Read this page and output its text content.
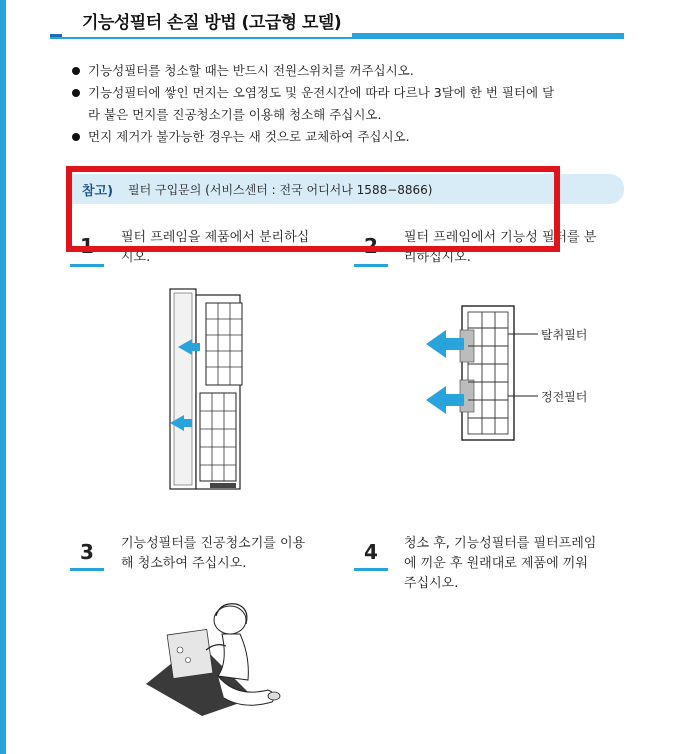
기능성필터 손질 방법 (고급형 모델)
기능성필터를 청소할 때는 반드시 전원스위치를 꺼주십시오.
기능성필터에 쌓인 먼지는 오염정도 및 운전시간에 따라 다르나 3달에 한 번 필터에 달
라 붙은 먼지를 진공청소기를 이용해 청소해 주십시오.
먼지 제거가 불가능한 경우는 새 것으로 교체하여 주십시오.
참고) 필터 구입문의 (서비스센터 : 전국 어디서나 1588−8866)
1 필터 프레임을 제품에서 분리하십
시오.	2 필터 프레임에서 기능성 필터를 분
리하십시오.
탈취필터
정전필터
3 기능성필터를 진공청소기를 이용
해 청소하여 주십시오.	4 청소 후, 기능성필터를 필터프레임
에 끼운 후 원래대로 제품에 끼워
주십시오.
